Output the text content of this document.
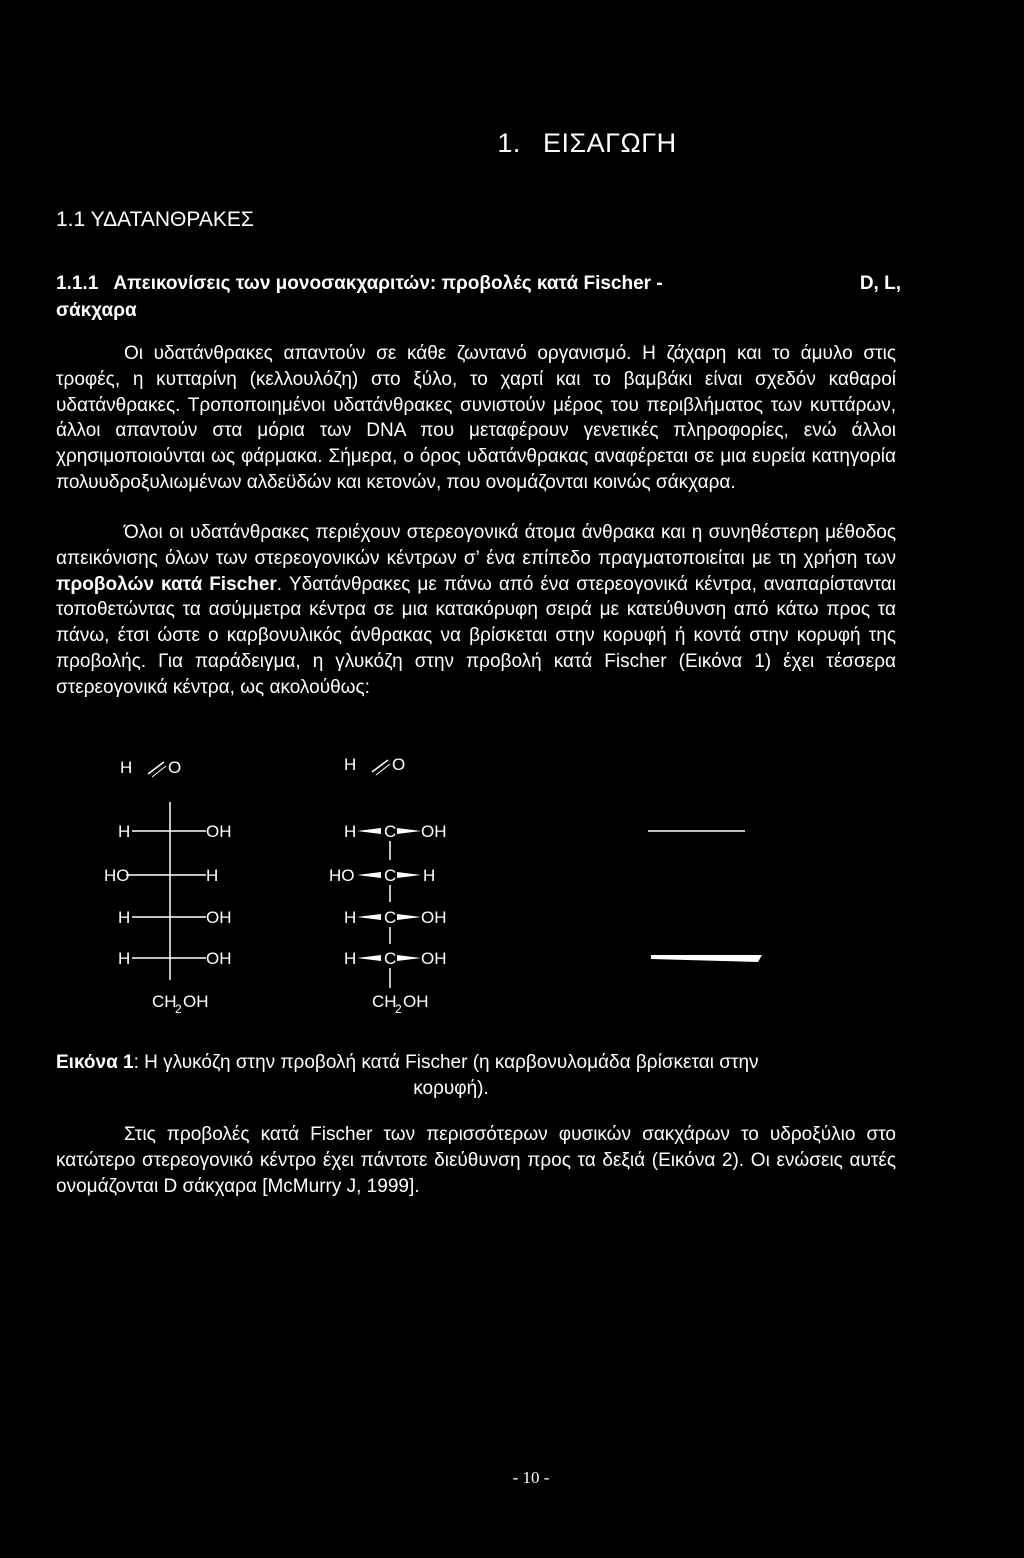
1. ΕΙΣΑΓΩΓΗ
1.1 ΥΔΑΤΑΝΘΡΑΚΕΣ
1.1.1 Απεικονίσεις των μονοσακχαριτών: προβολές κατά Fischer -	D, L,
σάκχαρα
Οι υδατάνθρακες απαντούν σε κάθε ζωντανό οργανισμό. Η ζάχαρη και το άμυλο στις τροφές, η κυτταρίνη (κελλουλόζη) στο ξύλο, το χαρτί και το βαμβάκι είναι σχεδόν καθαροί υδατάνθρακες. Τροποποιημένοι υδατάνθρακες συνιστούν μέρος του περιβλήματος των κυττάρων, άλλοι απαντούν στα μόρια των DNA που μεταφέρουν γενετικές πληροφορίες, ενώ άλλοι χρησιμοποιούνται ως φάρμακα. Σήμερα, ο όρος υδατάνθρακας αναφέρεται σε μια ευρεία κατηγορία πολυυδροξυλιωμένων αλδεϋδών και κετονών, που ονομάζονται κοινώς σάκχαρα.
Όλοι οι υδατάνθρακες περιέχουν στερεογονικά άτομα άνθρακα και η συνηθέστερη μέθοδος απεικόνισης όλων των στερεογονικών κέντρων σ’ ένα επίπεδο πραγματοποιείται με τη χρήση των προβολών κατά Fischer. Υδατάνθρακες με πάνω από ένα στερεογονικά κέντρα, αναπαρίστανται τοποθετώντας τα ασύμμετρα κέντρα σε μια κατακόρυφη σειρά με κατεύθυνση από κάτω προς τα πάνω, έτσι ώστε ο καρβονυλικός άνθρακας να βρίσκεται στην κορυφή ή κοντά στην κορυφή της προβολής. Για παράδειγμα, η γλυκόζη στην προβολή κατά Fischer (Εικόνα 1) έχει τέσσερα στερεογονικά κέντρα, ως ακολούθως:
H O
H	OH
HO	H
H	OH
H	OH
CH
2 OH
H O
H C OH
HO C H
H C OH
H C OH
CH
2 OH
Εικόνα 1: Η γλυκόζη στην προβολή κατά Fischer (η καρβονυλομάδα βρίσκεται στην
κορυφή).
Στις προβολές κατά Fischer των περισσότερων φυσικών σακχάρων το υδροξύλιο στο κατώτερο στερεογονικό κέντρο έχει πάντοτε διεύθυνση προς τα δεξιά (Εικόνα 2). Οι ενώσεις αυτές ονομάζονται D σάκχαρα [McMurry J, 1999].
- 10 -
